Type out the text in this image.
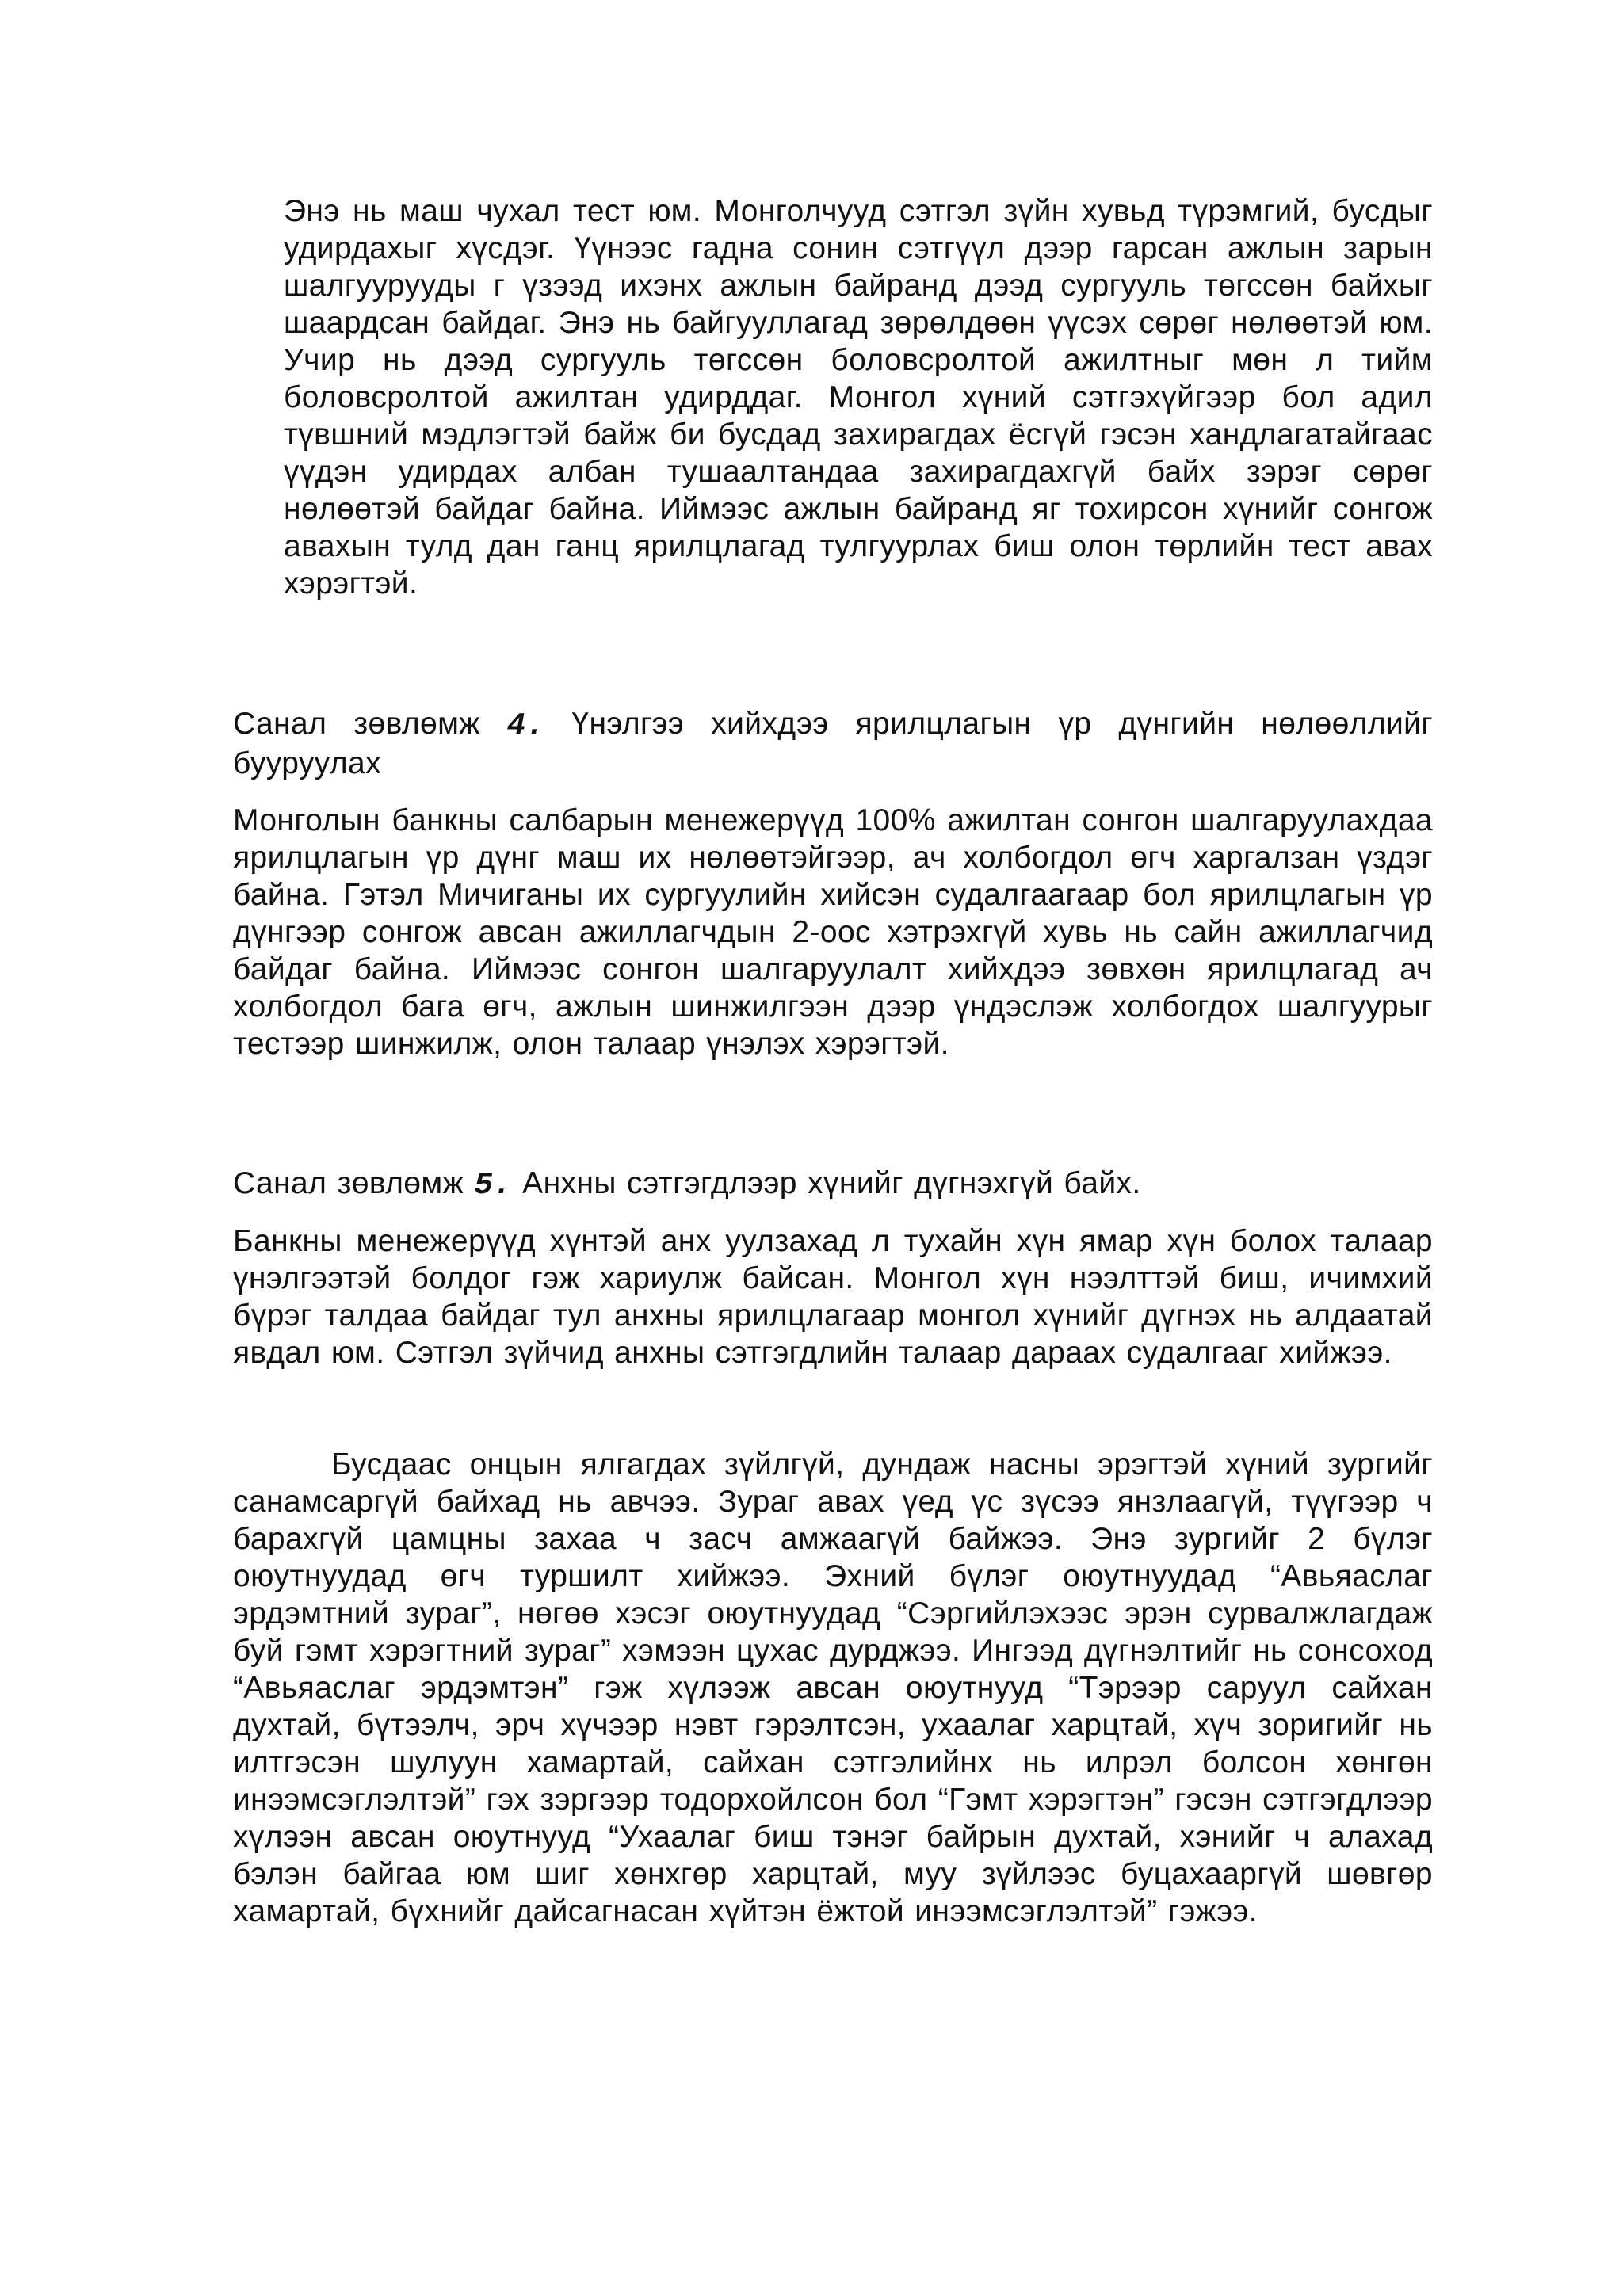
Энэ нь маш чухал тест юм. Монголчууд сэтгэл зүйн хувьд түрэмгий, бусдыг удирдахыг хүсдэг. Үүнээс гадна сонин сэтгүүл дээр гарсан ажлын зарын шалгуурууды г үзээд ихэнх ажлын байранд дээд сургууль төгссөн байхыг шаардсан байдаг. Энэ нь байгууллагад зөрөлдөөн үүсэх сөрөг нөлөөтэй юм. Учир нь дээд сургууль төгссөн боловсролтой ажилтныг мөн л тийм боловсролтой ажилтан удирддаг. Монгол хүний сэтгэхүйгээр бол адил түвшний мэдлэгтэй байж би бусдад захирагдах ёсгүй гэсэн хандлагатайгаас үүдэн удирдах албан тушаалтандаа захирагдахгүй байх зэрэг сөрөг нөлөөтэй байдаг байна. Иймээс ажлын байранд яг тохирсон хүнийг сонгож авахын тулд дан ганц ярилцлагад тулгуурлах биш олон төрлийн тест авах хэрэгтэй.

Санал зөвлөмж 4. Үнэлгээ хийхдээ ярилцлагын үр дүнгийн нөлөөллийг бууруулах

Монголын банкны салбарын менежерүүд 100% ажилтан сонгон шалгаруулахдаа ярилцлагын үр дүнг маш их нөлөөтэйгээр, ач холбогдол өгч харгалзан үздэг байна. Гэтэл Мичиганы их сургуулийн хийсэн судалгаагаар бол ярилцлагын үр дүнгээр сонгож авсан ажиллагчдын 2-оос хэтрэхгүй хувь нь сайн ажиллагчид байдаг байна. Иймээс сонгон шалгаруулалт хийхдээ зөвхөн ярилцлагад ач холбогдол бага өгч, ажлын шинжилгээн дээр үндэслэж холбогдох шалгуурыг тестээр шинжилж, олон талаар үнэлэх хэрэгтэй.

Санал зөвлөмж 5. Анхны сэтгэгдлээр хүнийг дүгнэхгүй байх.

Банкны менежерүүд хүнтэй анх уулзахад л тухайн хүн ямар хүн болох талаар үнэлгээтэй болдог гэж хариулж байсан. Монгол хүн нээлттэй биш, ичимхий бүрэг талдаа байдаг тул анхны ярилцлагаар монгол хүнийг дүгнэх нь алдаатай явдал юм. Сэтгэл зүйчид анхны сэтгэгдлийн талаар дараах судалгааг хийжээ.

Бусдаас онцын ялгагдах зүйлгүй, дундаж насны эрэгтэй хүний зургийг санамсаргүй байхад нь авчээ. Зураг авах үед үс зүсээ янзлаагүй, түүгээр ч барахгүй цамцны захаа ч засч амжаагүй байжээ. Энэ зургийг 2 бүлэг оюутнуудад өгч туршилт хийжээ. Эхний бүлэг оюутнуудад “Авьяаслаг эрдэмтний зураг”, нөгөө хэсэг оюутнуудад “Сэргийлэхээс эрэн сурвалжлагдаж буй гэмт хэрэгтний зураг” хэмээн цухас дурджээ. Ингээд дүгнэлтийг нь сонсоход “Авьяаслаг эрдэмтэн” гэж хүлээж авсан оюутнууд “Тэрээр саруул сайхан духтай, бүтээлч, эрч хүчээр нэвт гэрэлтсэн, ухаалаг харцтай, хүч зоригийг нь илтгэсэн шулуун хамартай, сайхан сэтгэлийнх нь илрэл болсон хөнгөн инээмсэглэлтэй” гэх зэргээр тодорхойлсон бол “Гэмт хэрэгтэн” гэсэн сэтгэгдлээр хүлээн авсан оюутнууд “Ухаалаг биш тэнэг байрын духтай, хэнийг ч алахад бэлэн байгаа юм шиг хөнхгөр харцтай, муу зүйлээс буцахааргүй шөвгөр хамартай, бүхнийг дайсагнасан хүйтэн ёжтой инээмсэглэлтэй” гэжээ.
